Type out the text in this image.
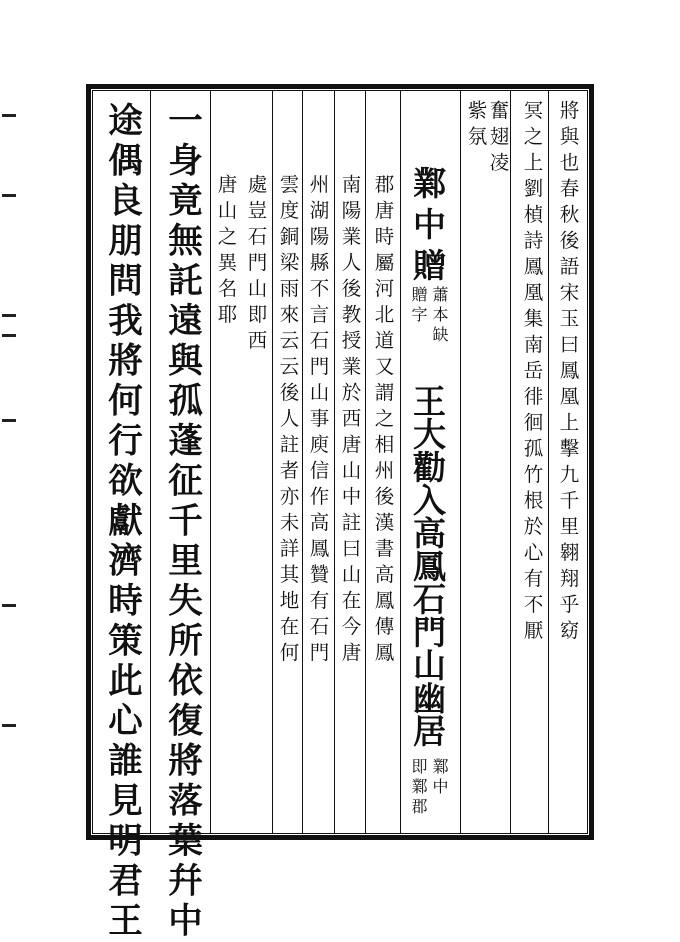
將與也春秋後語宋玉曰鳳凰上擊九千里翱翔乎窈
冥之上劉楨詩鳳凰集南岳徘徊孤竹根於心有不厭
奮翅凌
紫氛
鄴中贈
蕭本缺
贈字
王大勸入高鳳石門山幽居
鄴中
即鄴郡
郡唐時屬河北道又謂之相州後漢書高鳳傳鳳
南陽業人後教授業於西唐山中註曰山在今唐
州湖陽縣不言石門山事庾信作高鳳贊有石門
雲度銅梁雨來云云後人註者亦未詳其地在何
處豈石門山即西
唐山之異名耶
一身竟無託遠與孤蓬征千里失所依復將落葉幷中
途偶良朋問我將何行欲獻濟時策此心誰見明君王
